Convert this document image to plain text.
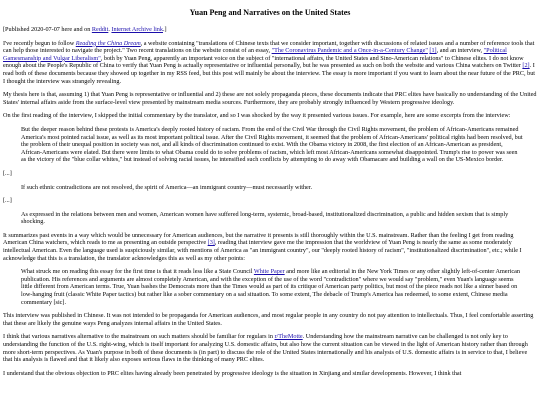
Yuan Peng and Narratives on the United States

[Published 2020-07-07 here and on Reddit. Internet Archive link.]

I've recently begun to follow Reading the China Dream, a website containing "translations of Chinese texts that we consider important, together with discussions of related issues and a number of reference tools that can help those interested to navigate the project." Two recent translations on the website consist of an essay, "The Coronavirus Pandemic and a Once-in-a-Century Change" [1], and an interview, "Political Gamesmanship and Vulgar Liberalism", both by Yuan Peng, apparently an important voice on the subject of "international affairs, the United States and Sino-American relations" to Chinese elites. I do not know enough about the People's Republic of China to verify that Yuan Peng is actually representative or influential personally, but he was presented as such on both the website and various China watchers on Twitter [2]. I read both of these documents because they showed up together in my RSS feed, but this post will mainly be about the interview. The essay is more important if you want to learn about the near future of the PRC, but I thought the interview was strangely revealing.

My thesis here is that, assuming 1) that Yuan Peng is representative or influential and 2) these are not solely propaganda pieces, these documents indicate that PRC elites have basically no understanding of the United States' internal affairs aside from the surface-level view presented by mainstream media sources. Furthermore, they are probably strongly influenced by Western progressive ideology.

On the first reading of the interview, I skipped the initial commentary by the translator, and so I was shocked by the way it presented various issues. For example, here are some excerpts from the interview:

But the deeper reason behind these protests is America's deeply rooted history of racism. From the end of the Civil War through the Civil Rights movement, the problem of African-Americans remained America's most pointed racial issue, as well as its most important political issue. After the Civil Rights movement, it seemed that the problem of African-Americans' political rights had been resolved, but the problem of their unequal position in society was not, and all kinds of discrimination continued to exist. With the Obama victory in 2008, the first election of an African-American as president, African-Americans were elated. But there were limits to what Obama could do to solve problems of racism, which left most African-Americans somewhat disappointed. Trump's rise to power was seen as the victory of the "blue collar whites," but instead of solving racial issues, he intensified such conflicts by attempting to do away with Obamacare and building a wall on the US-Mexico border.

[...]

If such ethnic contradictions are not resolved, the spirit of America—an immigrant country—must necessarily wither.

[...]

As expressed in the relations between men and women, American women have suffered long-term, systemic, broad-based, institutionalized discrimination, a public and hidden sexism that is simply shocking.

It summarizes past events in a way which would be unnecessary for American audiences, but the narrative it presents is still thoroughly within the U.S. mainstream. Rather than the feeling I get from reading American China watchers, which reads to me as presenting an outside perspective [3], reading that interview gave me the impression that the worldview of Yuan Peng is nearly the same as some moderately intellectual American. Even the language used is suspiciously similar, with mentions of America as "an immigrant country", our "deeply rooted history of racism", "institutionalized discrimination", etc.; while I acknowledge that this is a translation, the translator acknowledges this as well as my other points:

What struck me on reading this essay for the first time is that it reads less like a State Council White Paper and more like an editorial in the New York Times or any other slightly left-of-center American publication. His references and arguments are almost completely American, and with the exception of the use of the word "contradiction" where we would say "problem," even Yuan's language seems little different from American terms. True, Yuan bashes the Democrats more than the Times would as part of its critique of American party politics, but most of the piece reads not like a sinner based on low-hanging fruit (classic White Paper tactics) but rather like a sober commentary on a sad situation. To some extent, The debacle of Trump's America has redeemed, to some extent, Chinese media commentary [sic].

This interview was published in Chinese. It was not intended to be propaganda for American audiences, and most regular people in any country do not pay attention to intellectuals. Thus, I feel comfortable asserting that these are likely the genuine ways Peng analyzes internal affairs in the United States.

I think that various narratives alternative to the mainstream on such matters should be familiar for regulars in r/TheMotte. Understanding how the mainstream narrative can be challenged is not only key to understanding the function of the U.S. right-wing, which is itself important for analyzing U.S. domestic affairs, but also how the current situation can be viewed in the light of American history rather than through more short-term perspectives. As Yuan's purpose in both of these documents is (in part) to discuss the role of the United States internationally and his analysis of U.S. domestic affairs is in service to that, I believe that his analysis is flawed and that it likely also exposes serious flaws in the thinking of many PRC elites.

I understand that the obvious objection to PRC elites having already been penetrated by progressive ideology is the situation in Xinjiang and similar developments. However, I think that
